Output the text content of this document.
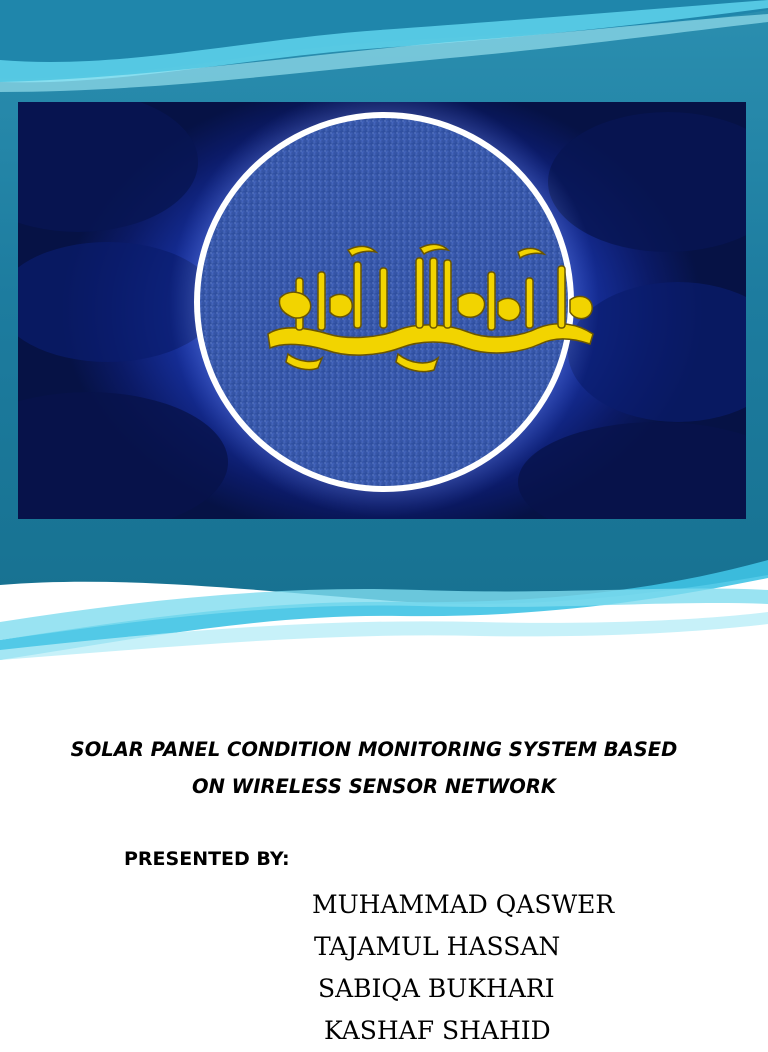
SOLAR PANEL CONDITION MONITORING SYSTEM BASED
ON WIRELESS SENSOR NETWORK
PRESENTED BY:
MUHAMMAD QASWER
TAJAMUL HASSAN
SABIQA BUKHARI
KASHAF SHAHID
